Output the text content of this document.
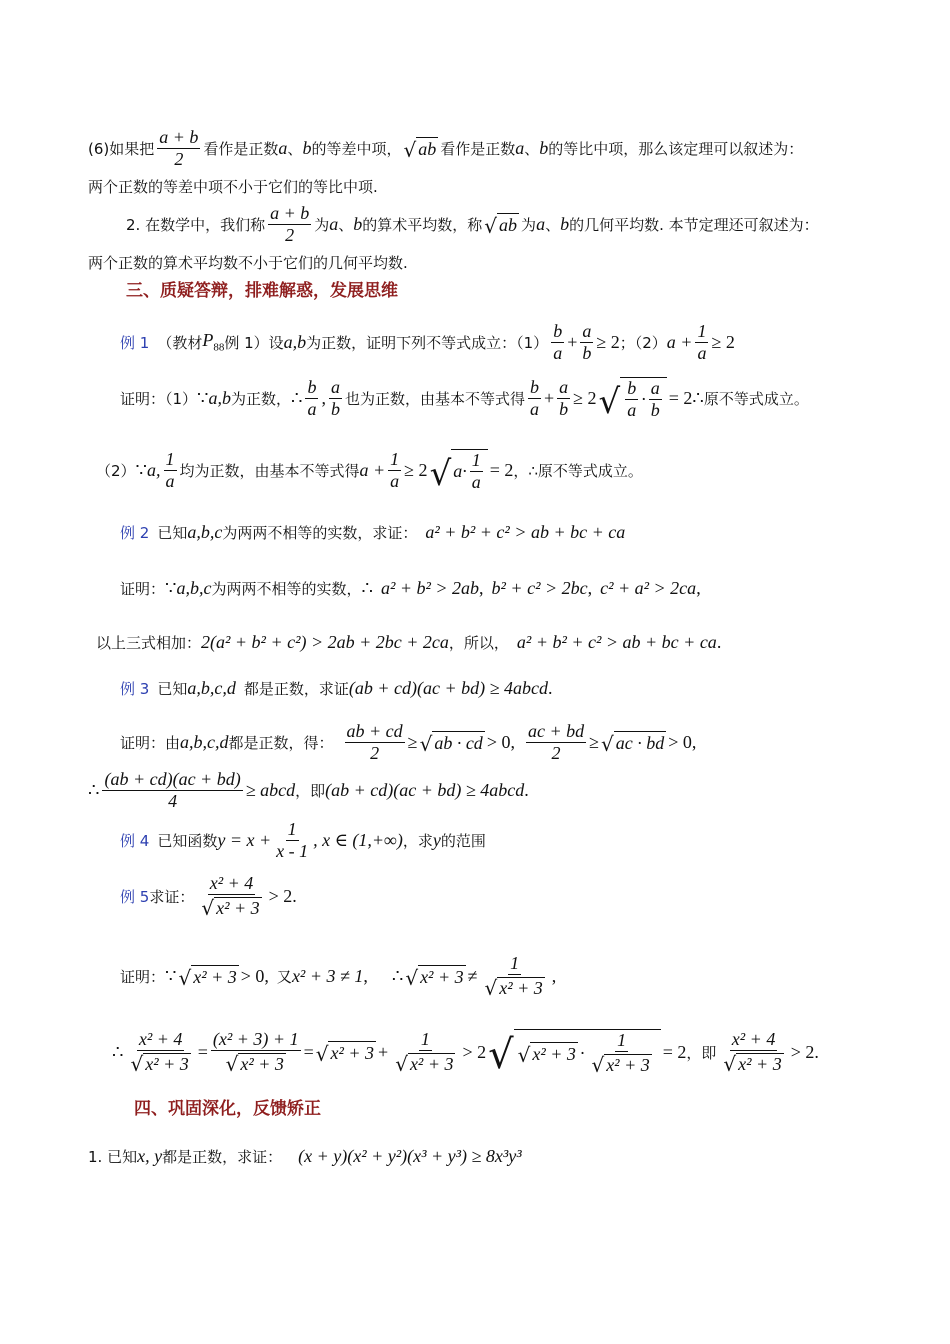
(6)如果把 $\frac{a + b}{2}$ 看作是正数 a 、 b 的等差中项， √ ab 看作是正数 a 、 b 的等比中项，那么该定理可以叙述为：
两个正数的等差中项不小于它们的等比中项.
2. 在数学中，我们称 $\frac{a + b}{2}$ 为 a 、 b 的算术平均数，称 √ ab 为 a 、 b 的几何平均数. 本节定理还可叙述为：
两个正数的算术平均数不小于它们的几何平均数.
三、质疑答辩，排难解惑，发展思维
例 1 （教材 $P_{88}$ 例 1）设 a,b 为正数，证明下列不等式成立：$(1) \frac{b}{a} + \frac{a}{b} \ge 2$ ；（2） $a + \frac{1}{a} \ge 2$
证明：（1） ∵ a,b 为正数， ∴ $\frac{b}{a}$ , $\frac{a}{b}$ 也为正数，由基本不等式得 $\frac{b}{a} + \frac{a}{b} \ge 2$ √ $\frac{b}{a} \cdot \frac{a}{b} = 2$ ∴ 原不等式成立。
（2） ∵ a, $\frac{1}{a}$ 均为正数，由基本不等式得 $a + \frac{1}{a} \ge 2$ √ $a \cdot \frac{1}{a} = 2$ ，∴原不等式成立。
例 2 已知 a,b,c 为两两不相等的实数，求证： a² + b² + c² > ab + bc + ca
证明： ∵ a,b,c 为两两不相等的实数， ∴ a² + b² > 2ab , b² + c² > 2bc , c² + a² > 2ca ,
以上三式相加： 2(a² + b² + c²) > 2ab + 2bc + 2ca ，所以， a² + b² + c² > ab + bc + ca .
例 3 已知 a,b,c,d 都是正数，求证 (ab + cd)(ac + bd) ≥ 4abcd .
证明：由 a,b,c,d 都是正数，得： $\frac{ab + cd}{2}$ ≥ √ ab · cd > 0 , $\frac{ac + bd}{2}$ ≥ √ ac · bd > 0 ,
∴ $\frac{(ab + cd)(ac + bd)}{4}$ ≥ abcd ，即 (ab + cd)(ac + bd) ≥ 4abcd .
例 4 已知函数 $y = x + \frac{1}{x - 1}$ , x ∈ (1,+∞) ，求 y 的范围
例 5 求证： $\frac{\text{x² + 4}}{\text{√ x² + 3}} > 2$ .
证明： ∵ √ x² + 3 > 0 , 又 x² + 3 ≠ 1 , ∴ √ $x^2 + 3 \ne \frac{1}{\text{√ x² + 3}}$ ,
∴ $\frac{\text{x² + 4}}{\text{√ x² + 3}} = \frac{\text{(x² + 3) + 1}}{\text{√ x² + 3}}$ = √ $x^2 + 3 + \frac{1}{\text{√ x² + 3}} > 2$ √ √ $x^2 + 3 \cdot \frac{1}{\text{√ x² + 3}} = 2$ ，即 $\frac{\text{x² + 4}}{\text{√ x² + 3}} > 2$ .
四、巩固深化，反馈矫正
1. 已知 x, y 都是正数，求证： (x + y)(x² + y²)(x³ + y³) ≥ 8x³y³
